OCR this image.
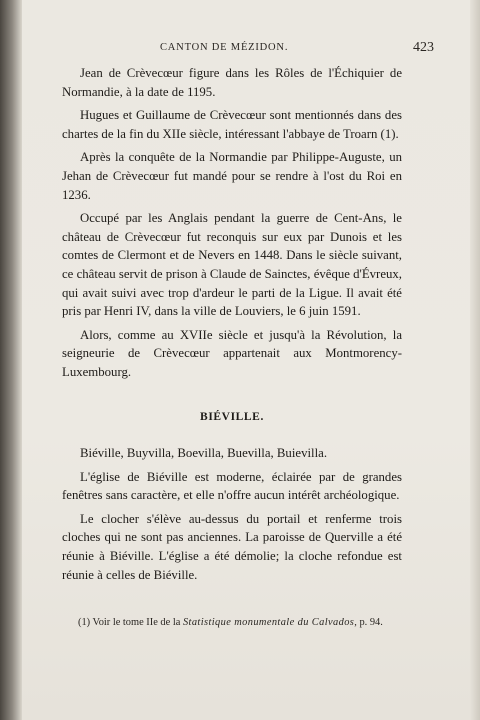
CANTON DE MÉZIDON.	423

Jean de Crèvecœur figure dans les Rôles de l'Échiquier de Normandie, à la date de 1195.

Hugues et Guillaume de Crèvecœur sont mentionnés dans des chartes de la fin du XIIe siècle, intéressant l'abbaye de Troarn (1).

Après la conquête de la Normandie par Philippe-Auguste, un Jehan de Crèvecœur fut mandé pour se rendre à l'ost du Roi en 1236.

Occupé par les Anglais pendant la guerre de Cent-Ans, le château de Crèvecœur fut reconquis sur eux par Dunois et les comtes de Clermont et de Nevers en 1448. Dans le siècle suivant, ce château servit de prison à Claude de Sainctes, évêque d'Évreux, qui avait suivi avec trop d'ardeur le parti de la Ligue. Il avait été pris par Henri IV, dans la ville de Louviers, le 6 juin 1591.

Alors, comme au XVIIe siècle et jusqu'à la Révolution, la seigneurie de Crèvecœur appartenait aux Montmorency-Luxembourg.

BIÉVILLE.

Biéville, Buyvilla, Boevilla, Buevilla, Buievilla.

L'église de Biéville est moderne, éclairée par de grandes fenêtres sans caractère, et elle n'offre aucun intérêt archéologique.

Le clocher s'élève au-dessus du portail et renferme trois cloches qui ne sont pas anciennes. La paroisse de Querville a été réunie à Biéville. L'église a été démolie; la cloche refondue est réunie à celles de Biéville.

(1) Voir le tome IIe de la Statistique monumentale du Calvados, p. 94.
